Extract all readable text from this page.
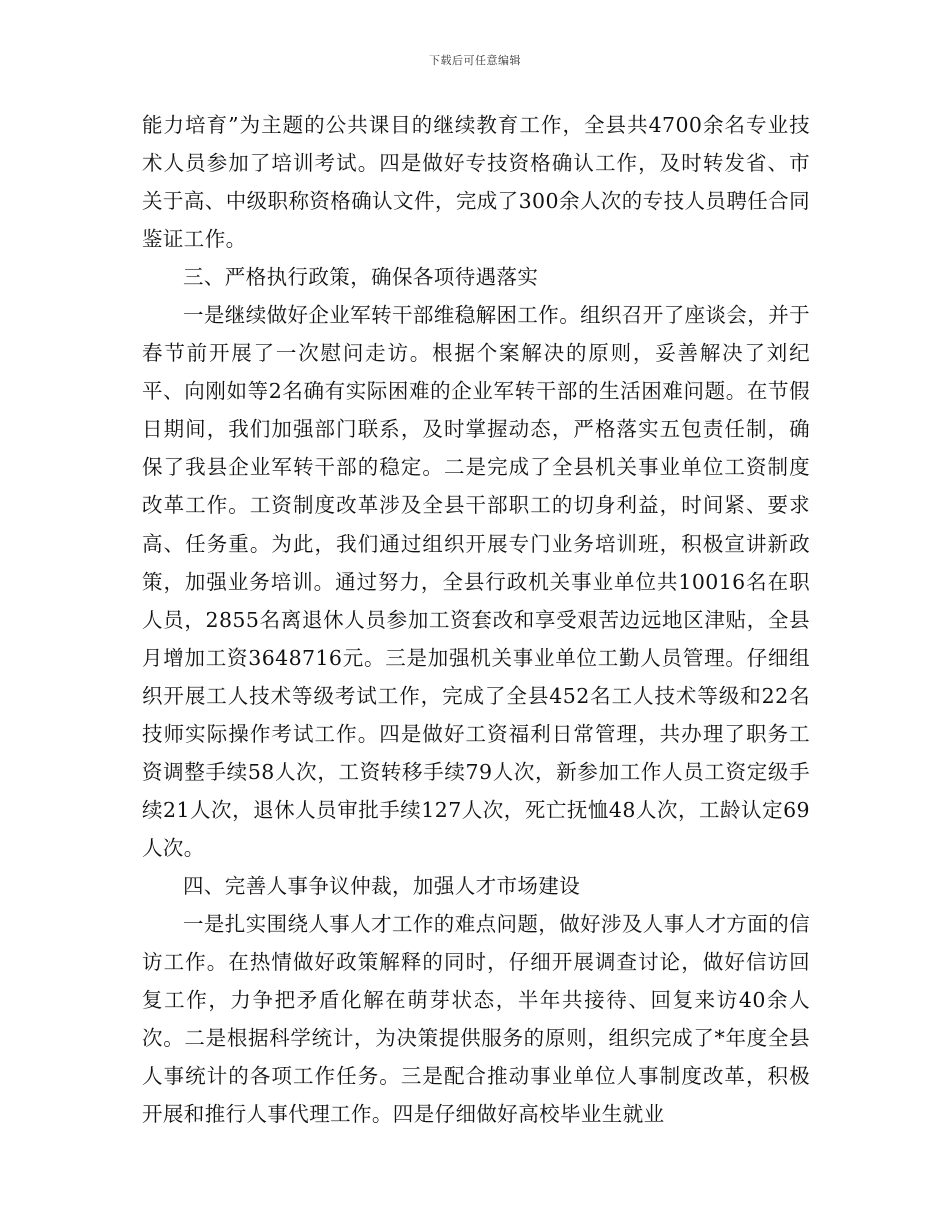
下载后可任意编辑

能力培育”为主题的公共课目的继续教育工作，全县共4700余名专业技术人员参加了培训考试。四是做好专技资格确认工作，及时转发省、市关于高、中级职称资格确认文件，完成了300余人次的专技人员聘任合同鉴证工作。

三、严格执行政策，确保各项待遇落实

一是继续做好企业军转干部维稳解困工作。组织召开了座谈会，并于春节前开展了一次慰问走访。根据个案解决的原则，妥善解决了刘纪平、向刚如等2名确有实际困难的企业军转干部的生活困难问题。在节假日期间，我们加强部门联系，及时掌握动态，严格落实五包责任制，确保了我县企业军转干部的稳定。二是完成了全县机关事业单位工资制度改革工作。工资制度改革涉及全县干部职工的切身利益，时间紧、要求高、任务重。为此，我们通过组织开展专门业务培训班，积极宣讲新政策，加强业务培训。通过努力，全县行政机关事业单位共10016名在职人员，2855名离退休人员参加工资套改和享受艰苦边远地区津贴，全县月增加工资3648716元。三是加强机关事业单位工勤人员管理。仔细组织开展工人技术等级考试工作，完成了全县452名工人技术等级和22名技师实际操作考试工作。四是做好工资福利日常管理，共办理了职务工资调整手续58人次，工资转移手续79人次，新参加工作人员工资定级手续21人次，退休人员审批手续127人次，死亡抚恤48人次，工龄认定69人次。

四、完善人事争议仲裁，加强人才市场建设

一是扎实围绕人事人才工作的难点问题，做好涉及人事人才方面的信访工作。在热情做好政策解释的同时，仔细开展调查讨论，做好信访回复工作，力争把矛盾化解在萌芽状态，半年共接待、回复来访40余人次。二是根据科学统计，为决策提供服务的原则，组织完成了*年度全县人事统计的各项工作任务。三是配合推动事业单位人事制度改革，积极开展和推行人事代理工作。四是仔细做好高校毕业生就业
